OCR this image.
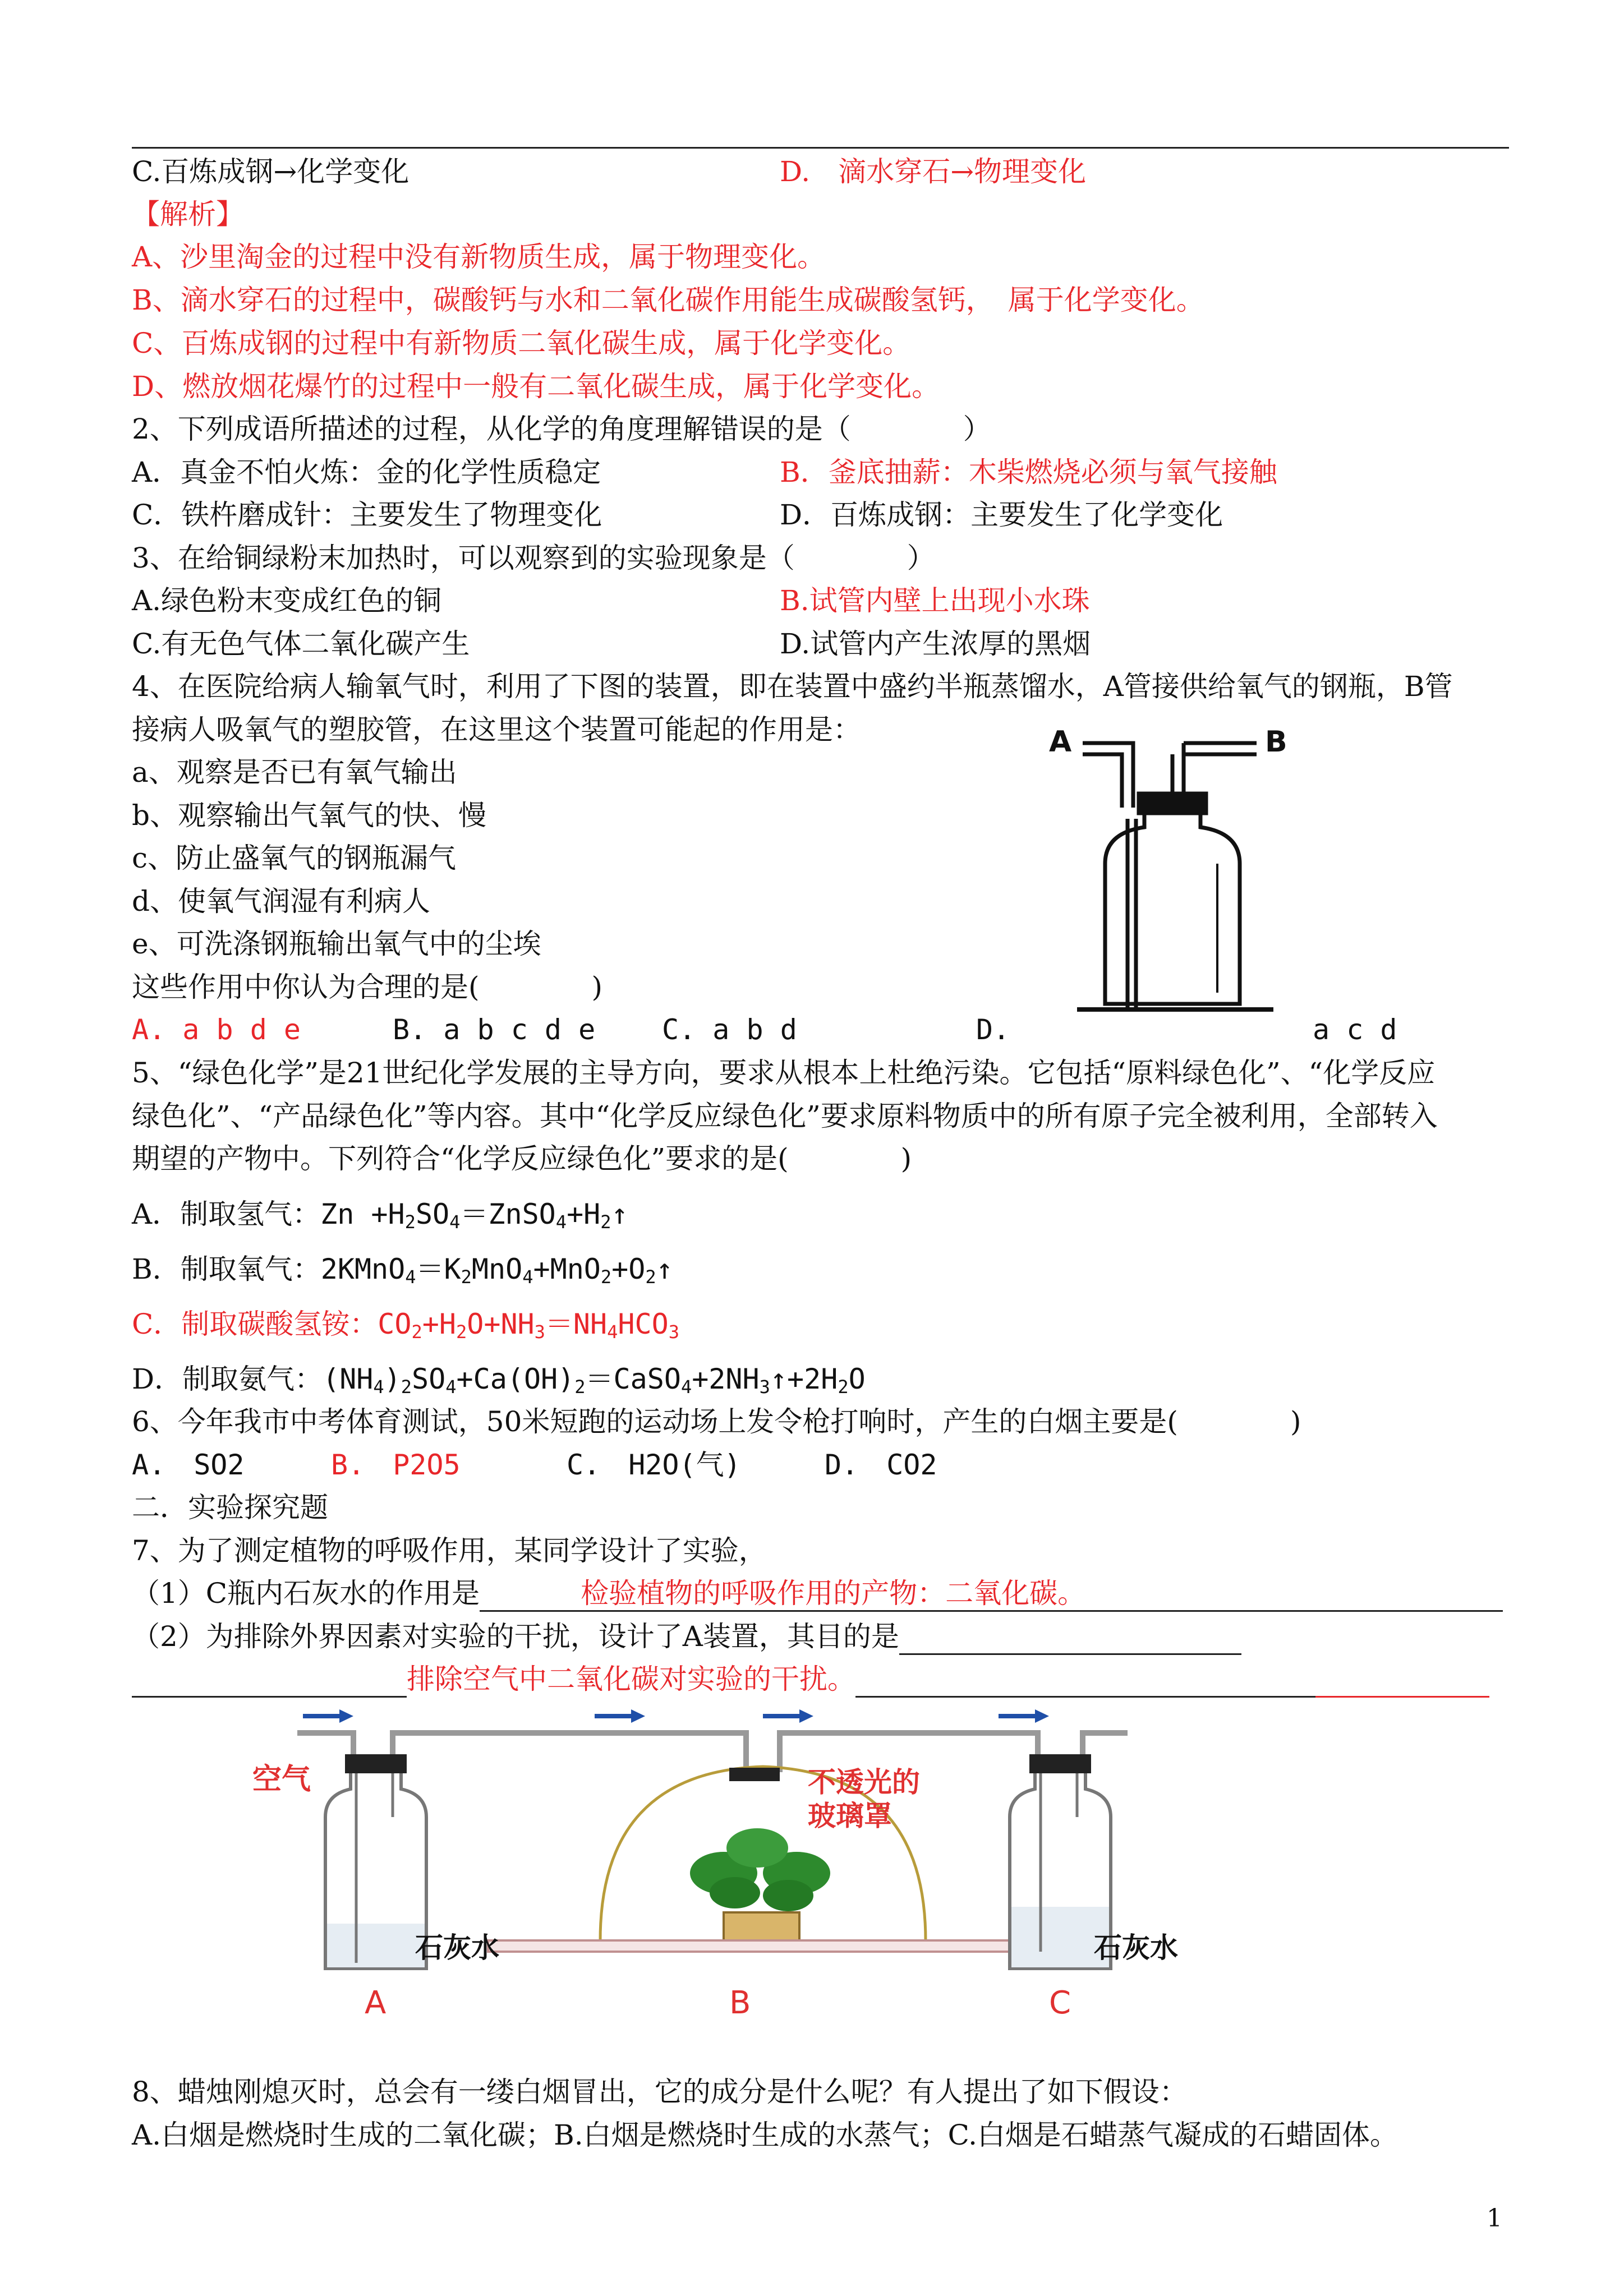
C.百炼成钢→化学变化	D.　滴水穿石→物理变化
【解析】
A、沙里淘金的过程中没有新物质生成，属于物理变化。
B、滴水穿石的过程中，碳酸钙与水和二氧化碳作用能生成碳酸氢钙，　属于化学变化。
C、百炼成钢的过程中有新物质二氧化碳生成，属于化学变化。
D、燃放烟花爆竹的过程中一般有二氧化碳生成，属于化学变化。
2、下列成语所描述的过程，从化学的角度理解错误的是（　　　　）
A．真金不怕火炼：金的化学性质稳定	B．釜底抽薪：木柴燃烧必须与氧气接触
C．铁杵磨成针：主要发生了物理变化	D．百炼成钢：主要发生了化学变化
3、在给铜绿粉末加热时，可以观察到的实验现象是（　　　　）
A.绿色粉末变成红色的铜	B.试管内壁上出现小水珠
C.有无色气体二氧化碳产生	D.试管内产生浓厚的黑烟
4、在医院给病人输氧气时，利用了下图的装置，即在装置中盛约半瓶蒸馏水，A管接供给氧气的钢瓶，B管
接病人吸氧气的塑胶管，在这里这个装置可能起的作用是：
a、观察是否已有氧气输出
b、观察输出气氧气的快、慢
c、防止盛氧气的钢瓶漏气
d、使氧气润湿有利病人
e、可洗涤钢瓶输出氧气中的尘埃
这些作用中你认为合理的是(　　　　)
A. a b d e	B. a b c d e C. a b d	D.	a c d
A	B
5、“绿色化学”是21世纪化学发展的主导方向，要求从根本上杜绝污染。它包括“原料绿色化”、“化学反应
绿色化”、“产品绿色化”等内容。其中“化学反应绿色化”要求原料物质中的所有原子完全被利用，全部转入
期望的产物中。下列符合“化学反应绿色化”要求的是(　　　　)
A．制取氢气：$Zn +H_2SO_4=ZnSO_4+H_2↑$
B．制取氧气：$2KMnO_4=K_2MnO_4+MnO_2+O_2↑$
C．制取碳酸氢铵：$CO_2+H_2O+NH_3=NH_4HCO_3$
D．制取氨气：$(NH_4)_2SO_4+Ca(OH)_2=CaSO_4+2NH_3↑+2H_2O$
6、今年我市中考体育测试，50米短跑的运动场上发令枪打响时，产生的白烟主要是(　　　　)
A.　SO2	B.　P2O5	C.　H2O(气)	D.　CO2
二．实验探究题
7、为了测定植物的呼吸作用，某同学设计了实验，
（1）C瓶内石灰水的作用是	检验植物的呼吸作用的产物：二氧化碳。
（2）为排除外界因素对实验的干扰，设计了A装置，其目的是
排除空气中二氧化碳对实验的干扰。
空气
石灰水
不透光的
玻璃罩
石灰水
A	B	C
8、蜡烛刚熄灭时，总会有一缕白烟冒出，它的成分是什么呢？有人提出了如下假设：
A.白烟是燃烧时生成的二氧化碳；B.白烟是燃烧时生成的水蒸气；C.白烟是石蜡蒸气凝成的石蜡固体。
1
